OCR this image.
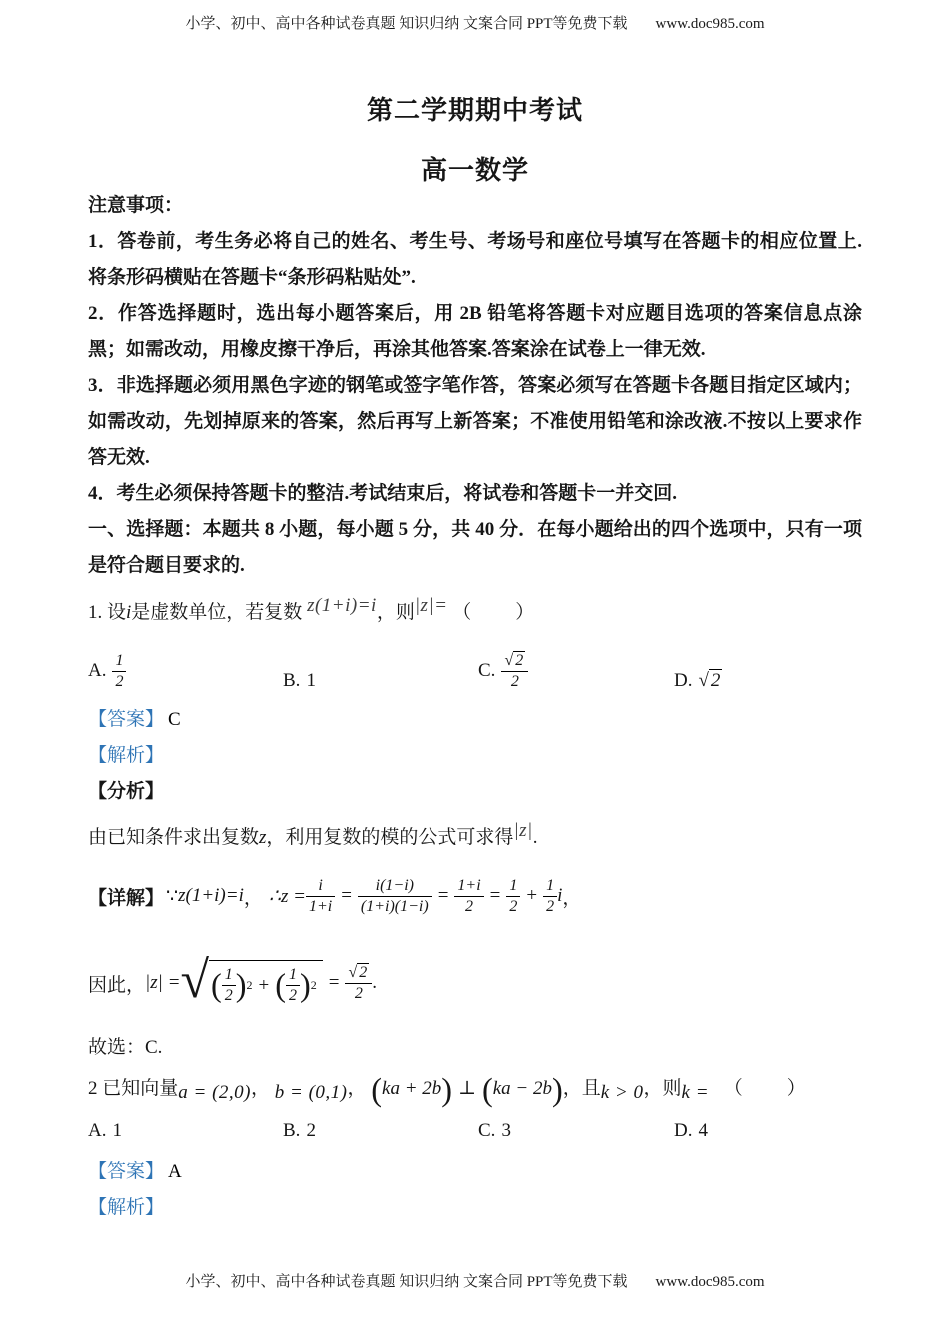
小学、初中、高中各种试卷真题 知识归纳 文案合同 PPT等免费下载 www.doc985.com
第二学期期中考试
高一数学

注意事项：

1．答卷前，考生务必将自己的姓名、考生号、考场号和座位号填写在答题卡的相应位置上.将条形码横贴在答题卡“条形码粘贴处”.

2．作答选择题时，选出每小题答案后，用 2B 铅笔将答题卡对应题目选项的答案信息点涂黑；如需改动，用橡皮擦干净后，再涂其他答案.答案涂在试卷上一律无效.

3．非选择题必须用黑色字迹的钢笔或签字笔作答，答案必须写在答题卡各题目指定区域内；如需改动，先划掉原来的答案，然后再写上新答案；不准使用铅笔和涂改液.不按以上要求作答无效.

4．考生必须保持答题卡的整洁.考试结束后，将试卷和答题卡一并交回.

一、选择题：本题共 8 小题，每小题 5 分，共 40 分．在每小题给出的四个选项中，只有一项是符合题目要求的.

1. 设i是虚数单位，若复数 z(1+i)=i，则|z|= （　　）
A. $\frac{1}{2}$	B. 1	C. $\frac{√ 2}{2}$	D. √ 2
【答案】 C
【解析】
【分析】
由已知条件求出复数z，利用复数的模的公式可求得|z|.
【详解】 ∵ z(1+i)=i ， ∴z = $\frac{i}{1+i} = \frac{i(1-i)}{(1+i)(1-i)} = \frac{1+i}{2} = \frac{1}{2} + \frac{1}{2}$ i ，
因此， |z| = √ ( $\frac{1}{2}$ ) 2 + ( $\frac{1}{2}$ ) $2 = \frac{√ 2}{2}$ .
故选：C.
2 已知向量a = (2,0)， b = (0,1)， (ka + 2b) ⊥ (ka − 2b)，且k > 0，则k = （　　）
A. 1	B. 2	C. 3	D. 4
【答案】 A
【解析】
小学、初中、高中各种试卷真题 知识归纳 文案合同 PPT等免费下载 www.doc985.com
